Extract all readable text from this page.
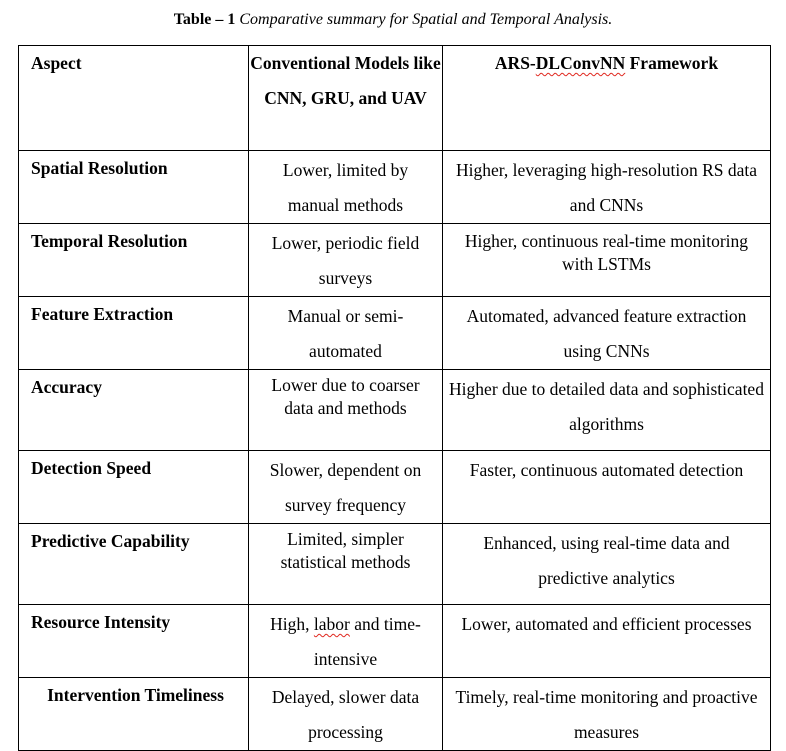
Table – 1 Comparative summary for Spatial and Temporal Analysis.
Aspect	Conventional Models like CNN, GRU, and UAV	ARS-DLConvNN Framework
Spatial Resolution	Lower, limited by manual methods	Higher, leveraging high-resolution RS data and CNNs
Temporal Resolution	Lower, periodic field surveys	Higher, continuous real-time monitoring with LSTMs
Feature Extraction	Manual or semi-automated	Automated, advanced feature extraction using CNNs
Accuracy	Lower due to coarser data and methods	Higher due to detailed data and sophisticated algorithms
Detection Speed	Slower, dependent on survey frequency	Faster, continuous automated detection
Predictive Capability	Limited, simpler statistical methods	Enhanced, using real-time data and predictive analytics
Resource Intensity	High, labor and time-intensive	Lower, automated and efficient processes
Intervention Timeliness	Delayed, slower data processing	Timely, real-time monitoring and proactive measures
